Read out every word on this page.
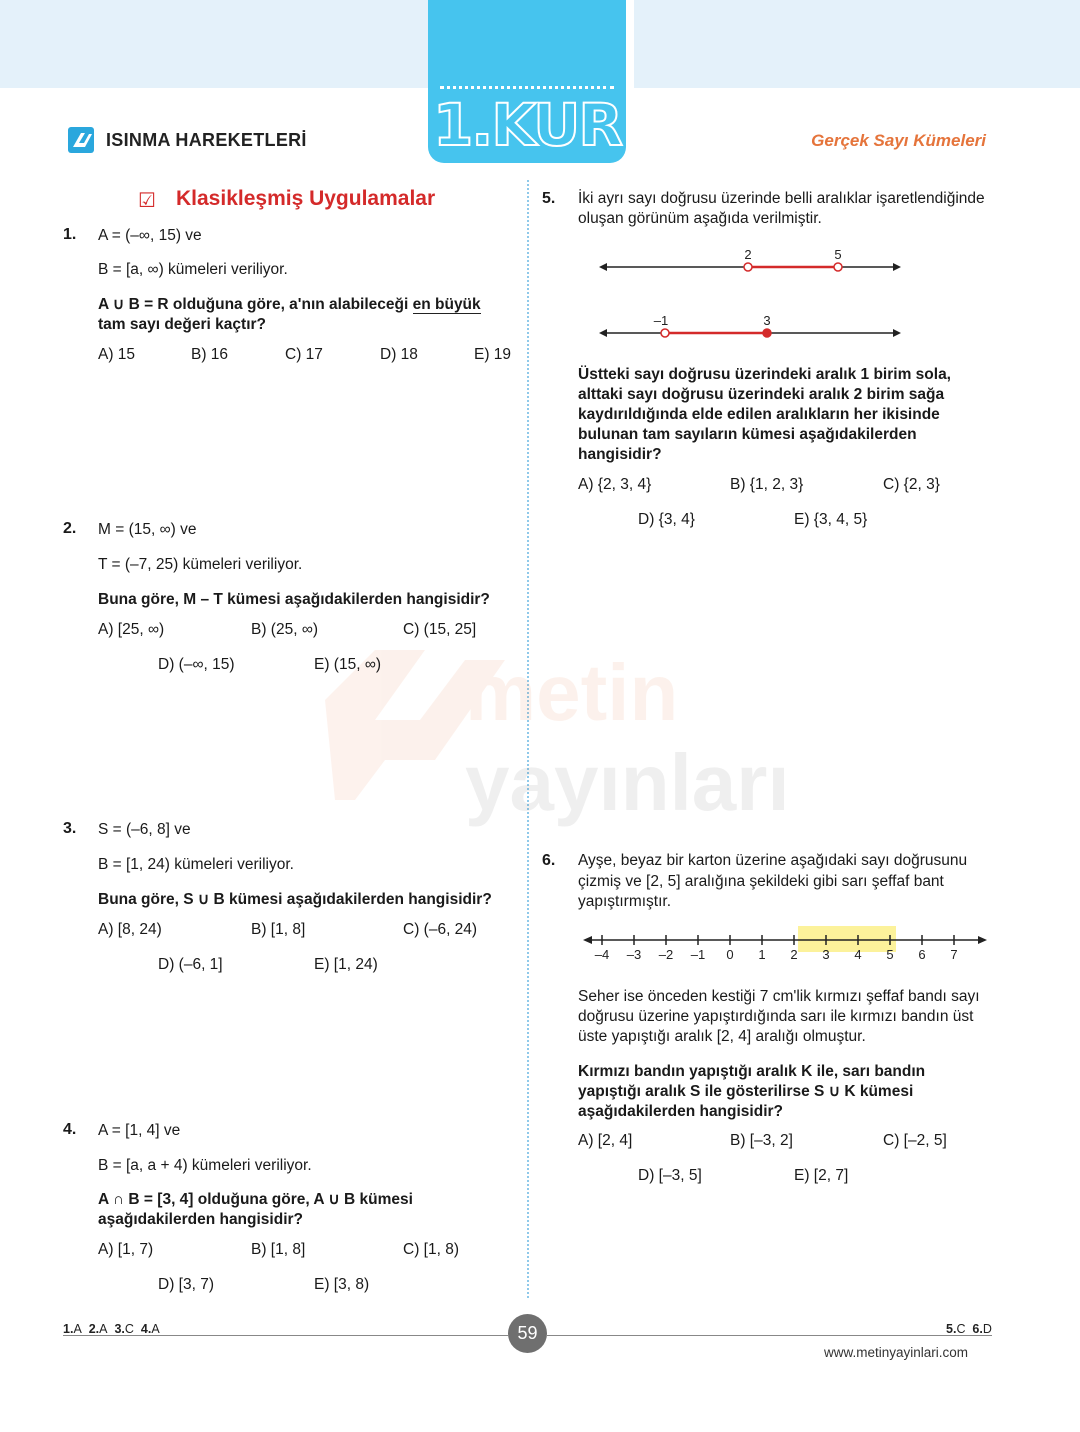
1.KUR
ISINMA HAREKETLERİ	Gerçek Sayı Kümeleri
metin
yayınları
☑ Klasikleşmiş Uygulamalar
1. A = (–∞, 15) ve
B = [a, ∞) kümeleri veriliyor.
A ∪ B = R olduğuna göre, a'nın alabileceği en büyük
tam sayı değeri kaçtır?
A) 15	B) 16	C) 17	D) 18	E) 19
2. M = (15, ∞) ve
T = (–7, 25) kümeleri veriliyor.
Buna göre, M – T kümesi aşağıdakilerden hangisidir?
A) [25, ∞)	B) (25, ∞)	C) (15, 25]
D) (–∞, 15)	E) (15, ∞)
3. S = (–6, 8] ve
B = [1, 24) kümeleri veriliyor.
Buna göre, S ∪ B kümesi aşağıdakilerden hangisidir?
A) [8, 24)	B) [1, 8]	C) (–6, 24)
D) (–6, 1]	E) [1, 24)
4. A = [1, 4] ve
B = [a, a + 4) kümeleri veriliyor.
A ∩ B = [3, 4] olduğuna göre, A ∪ B kümesi
aşağıdakilerden hangisidir?
A) [1, 7)	B) [1, 8]	C) [1, 8)
D) [3, 7)	E) [3, 8)
5. İki ayrı sayı doğrusu üzerinde belli aralıklar işaretlendiğinde
oluşan görünüm aşağıda verilmiştir.
2	5
–1	3
Üstteki sayı doğrusu üzerindeki aralık 1 birim sola,
alttaki sayı doğrusu üzerindeki aralık 2 birim sağa
kaydırıldığında elde edilen aralıkların her ikisinde
bulunan tam sayıların kümesi aşağıdakilerden
hangisidir?
A) {2, 3, 4}	B) {1, 2, 3}	C) {2, 3}
D) {3, 4}	E) {3, 4, 5}
6. Ayşe, beyaz bir karton üzerine aşağıdaki sayı doğrusunu
çizmiş ve [2, 5] aralığına şekildeki gibi sarı şeffaf bant
yapıştırmıştır.
–4 –3 –2 –1 0 1 2 3 4 5 6 7
Seher ise önceden kestiği 7 cm'lik kırmızı şeffaf bandı sayı
doğrusu üzerine yapıştırdığında sarı ile kırmızı bandın üst
üste yapıştığı aralık [2, 4] aralığı olmuştur.
Kırmızı bandın yapıştığı aralık K ile, sarı bandın
yapıştığı aralık S ile gösterilirse S ∪ K kümesi
aşağıdakilerden hangisidir?
A) [2, 4]	B) [–3, 2]	C) [–2, 5]
D) [–3, 5]	E) [2, 7]
1.A 2.A 3.C 4.A	5.C 6.D
59
www.metinyayinlari.com
